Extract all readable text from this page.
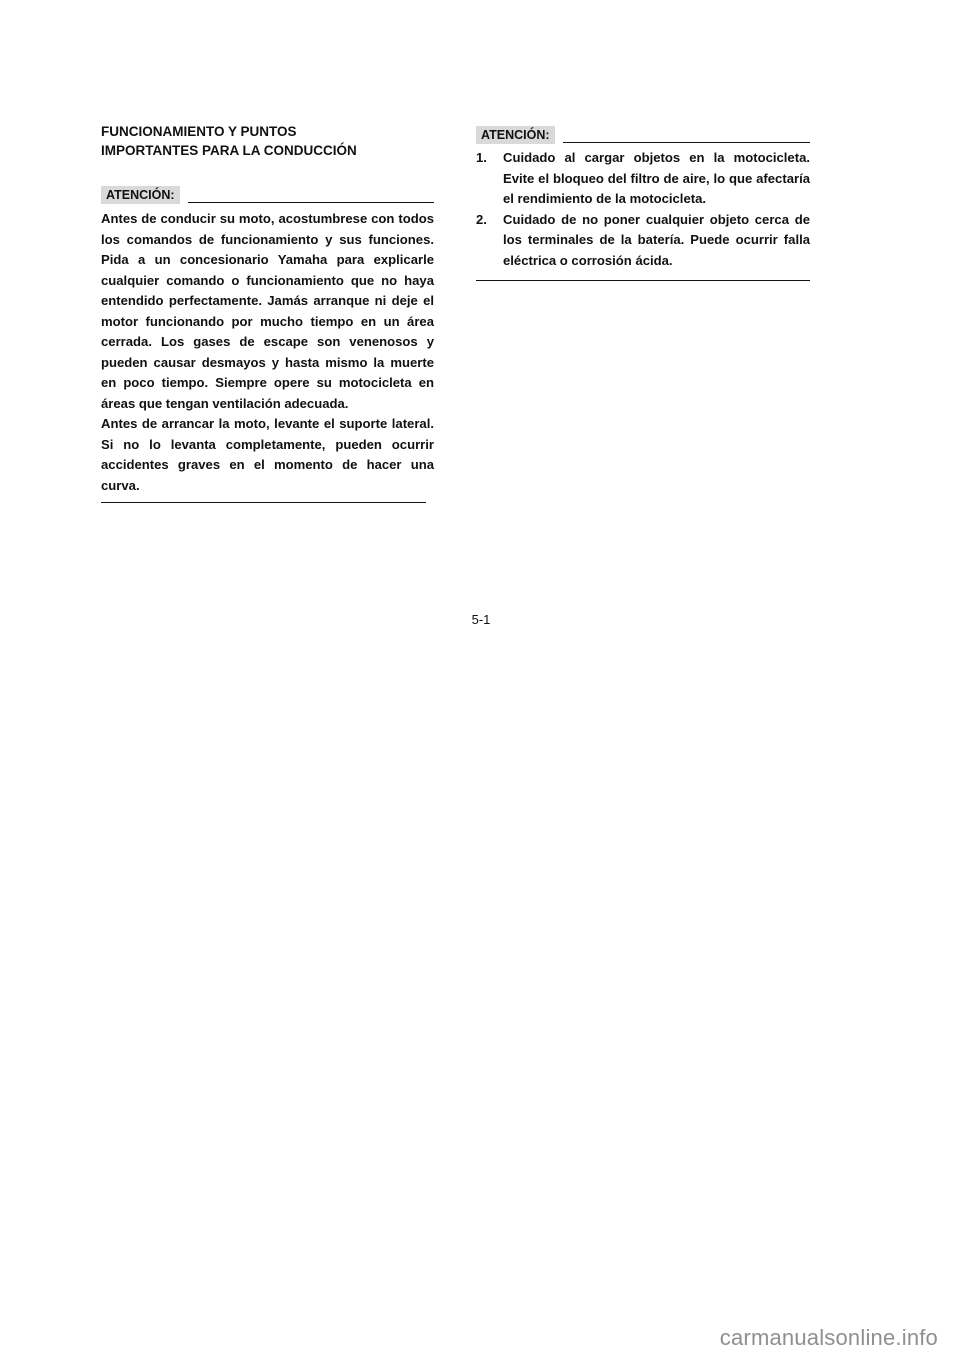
FUNCIONAMIENTO Y PUNTOS
IMPORTANTES PARA LA CONDUCCIÓN
ATENCIÓN:

Antes de conducir su moto, acostumbrese con todos

los comandos de funcionamiento y sus funciones.

Pida a un concesionario Yamaha para explicarle

cualquier comando o funcionamiento que no haya

entendido perfectamente. Jamás arranque ni deje el

motor funcionando por mucho tiempo en un área

cerrada. Los gases de escape son venenosos y

pueden causar desmayos y hasta mismo la muerte

en poco tiempo. Siempre opere su motocicleta en

áreas que tengan ventilación adecuada.

Antes de arrancar la moto, levante el suporte lateral.

Si no lo levanta completamente, pueden ocurrir

accidentes graves en el momento de hacer una curva.

ATENCIÓN:
1. Cuidado al cargar objetos en la motocicleta.
Evite el bloqueo del filtro de aire, lo que afectaría
el rendimiento de la motocicleta.
2. Cuidado de no poner cualquier objeto cerca de
los terminales de la batería. Puede ocurrir falla
eléctrica o corrosión ácida.
5-1
carmanualsonline.info
